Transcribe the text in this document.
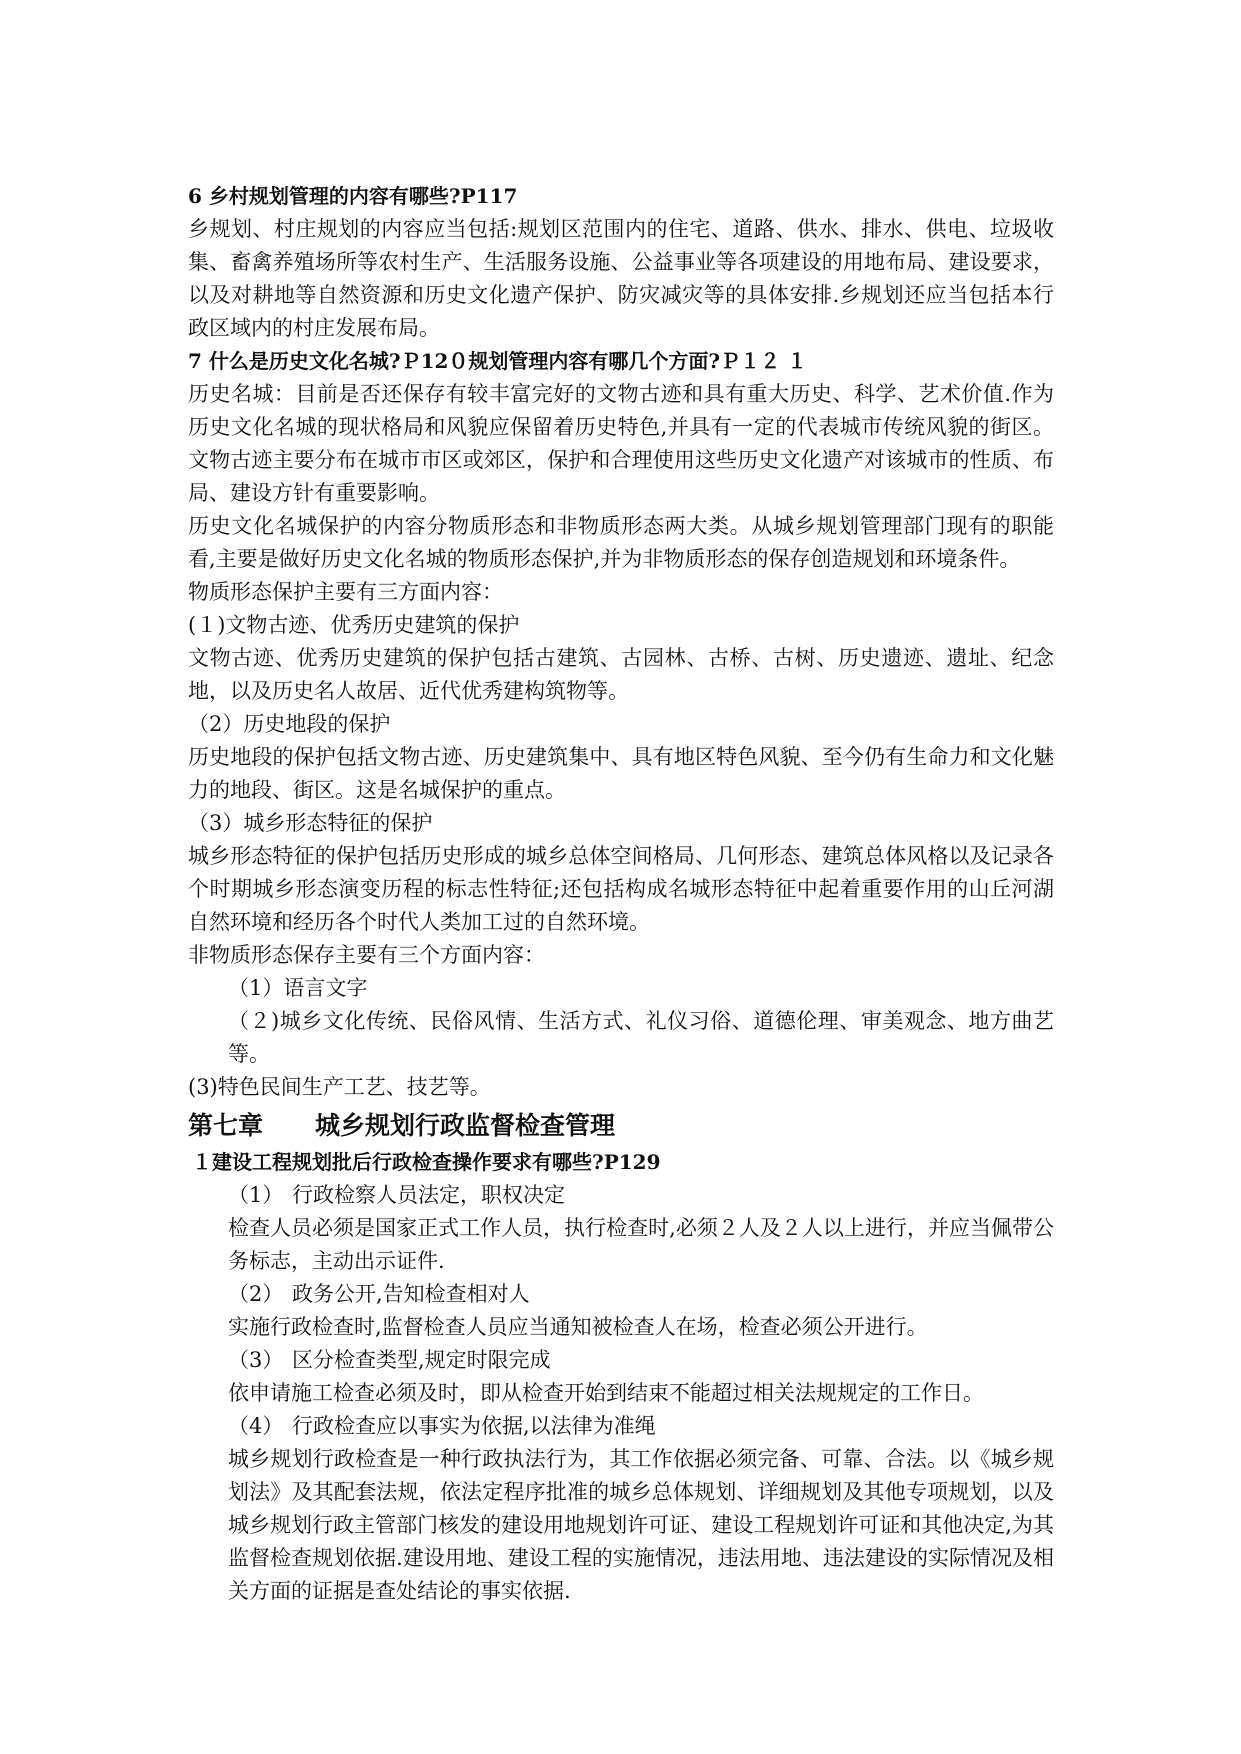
6 乡村规划管理的内容有哪些?P117
乡规划、村庄规划的内容应当包括:规划区范围内的住宅、道路、供水、排水、供电、垃圾收集、畜禽养殖场所等农村生产、生活服务设施、公益事业等各项建设的用地布局、建设要求，以及对耕地等自然资源和历史文化遗产保护、防灾减灾等的具体安排.乡规划还应当包括本行政区域内的村庄发展布局。
7 什么是历史文化名城?Ｐ12０规划管理内容有哪几个方面?Ｐ１２ １
历史名城：目前是否还保存有较丰富完好的文物古迹和具有重大历史、科学、艺术价值.作为历史文化名城的现状格局和风貌应保留着历史特色,并具有一定的代表城市传统风貌的街区。文物古迹主要分布在城市市区或郊区，保护和合理使用这些历史文化遗产对该城市的性质、布局、建设方针有重要影响。
历史文化名城保护的内容分物质形态和非物质形态两大类。从城乡规划管理部门现有的职能看,主要是做好历史文化名城的物质形态保护,并为非物质形态的保存创造规划和环境条件。
物质形态保护主要有三方面内容：
(１)文物古迹、优秀历史建筑的保护
文物古迹、优秀历史建筑的保护包括古建筑、古园林、古桥、古树、历史遗迹、遗址、纪念地，以及历史名人故居、近代优秀建构筑物等。
（2）历史地段的保护
历史地段的保护包括文物古迹、历史建筑集中、具有地区特色风貌、至今仍有生命力和文化魅力的地段、街区。这是名城保护的重点。
（3）城乡形态特征的保护
城乡形态特征的保护包括历史形成的城乡总体空间格局、几何形态、建筑总体风格以及记录各个时期城乡形态演变历程的标志性特征;还包括构成名城形态特征中起着重要作用的山丘河湖自然环境和经历各个时代人类加工过的自然环境。
非物质形态保存主要有三个方面内容：
（1）语言文字
（２)城乡文化传统、民俗风情、生活方式、礼仪习俗、道德伦理、审美观念、地方曲艺等。
(3)特色民间生产工艺、技艺等。
第七章 城乡规划行政监督检查管理
１建设工程规划批后行政检查操作要求有哪些?P129
（1） 行政检察人员法定，职权决定
检查人员必须是国家正式工作人员，执行检查时,必须２人及２人以上进行，并应当佩带公务标志，主动出示证件.
（2） 政务公开,告知检查相对人
实施行政检查时,监督检查人员应当通知被检查人在场，检查必须公开进行。
（3） 区分检查类型,规定时限完成
依申请施工检查必须及时，即从检查开始到结束不能超过相关法规规定的工作日。
（4） 行政检查应以事实为依据,以法律为准绳
城乡规划行政检查是一种行政执法行为，其工作依据必须完备、可靠、合法。以《城乡规划法》及其配套法规，依法定程序批准的城乡总体规划、详细规划及其他专项规划，以及城乡规划行政主管部门核发的建设用地规划许可证、建设工程规划许可证和其他决定,为其监督检查规划依据.建设用地、建设工程的实施情况，违法用地、违法建设的实际情况及相关方面的证据是查处结论的事实依据.
